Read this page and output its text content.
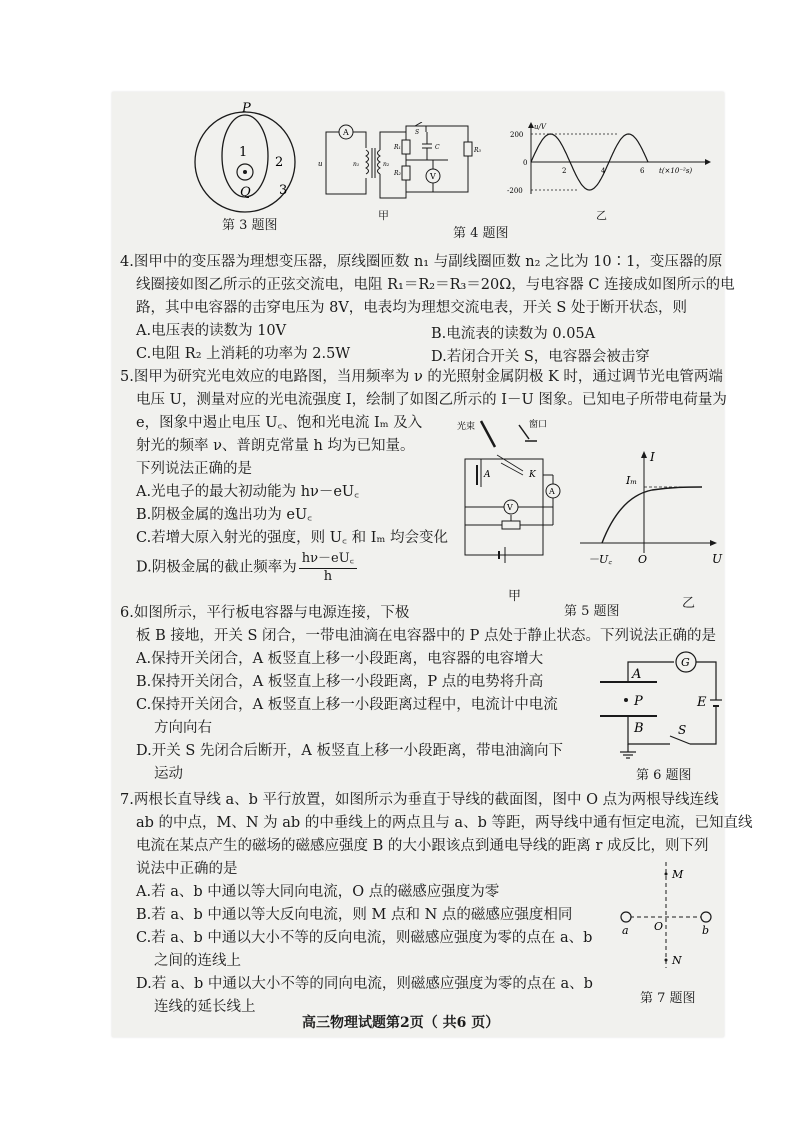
P
1
2
Q 3
第 3 题图
A
V
u	n₁	n₂
R₁
R₂
R₃
C
S
甲
u/V
200
0
-200
2	4	6 t(×10⁻²s)
乙
第 4 题图
4.图甲中的变压器为理想变压器，原线圈匝数 n₁ 与副线圈匝数 n₂ 之比为 10∶1，变压器的原
线圈接如图乙所示的正弦交流电，电阻 R₁＝R₂＝R₃＝20Ω，与电容器 C 连接成如图所示的电
路，其中电容器的击穿电压为 8V，电表均为理想交流电表，开关 S 处于断开状态，则
A.电压表的读数为 10V	B.电流表的读数为 0.05A
C.电阻 R₂ 上消耗的功率为 2.5W	D.若闭合开关 S，电容器会被击穿
5.图甲为研究光电效应的电路图，当用频率为 ν 的光照射金属阴极 K 时，通过调节光电管两端
电压 U，测量对应的光电流强度 I，绘制了如图乙所示的 I－U 图象。已知电子所带电荷量为
e，图象中遏止电压 U꜀、饱和光电流 Iₘ 及入
射光的频率 ν、普朗克常量 h 均为已知量。
下列说法正确的是
A.光电子的最大初动能为 hν－eU꜀
B.阴极金属的逸出功为 eU꜀
C.若增大原入射光的强度，则 U꜀ 和 Iₘ 均会变化
D.阴极金属的截止频率为 $\frac{h\nu-eU꜀}{h}$
光束	窗口
A	K
A
V
甲
I
Iₘ
－U꜀ O	U
乙
第 5 题图
6.如图所示，平行板电容器与电源连接，下极
板 B 接地，开关 S 闭合，一带电油滴在电容器中的 P 点处于静止状态。下列说法正确的是
A.保持开关闭合，A 板竖直上移一小段距离，电容器的电容增大
B.保持开关闭合，A 板竖直上移一小段距离，P 点的电势将升高
C.保持开关闭合，A 板竖直上移一小段距离过程中，电流计中电流
方向向右
D.开关 S 先闭合后断开，A 板竖直上移一小段距离，带电油滴向下
运动
G
A
P
B
E
S
第 6 题图
7.两根长直导线 a、b 平行放置，如图所示为垂直于导线的截面图，图中 O 点为两根导线连线
ab 的中点，M、N 为 ab 的中垂线上的两点且与 a、b 等距，两导线中通有恒定电流，已知直线
电流在某点产生的磁场的磁感应强度 B 的大小跟该点到通电导线的距离 r 成反比，则下列
说法中正确的是
A.若 a、b 中通以等大同向电流，O 点的磁感应强度为零
B.若 a、b 中通以等大反向电流，则 M 点和 N 点的磁感应强度相同
C.若 a、b 中通以大小不等的反向电流，则磁感应强度为零的点在 a、b
之间的连线上
D.若 a、b 中通以大小不等的同向电流，则磁感应强度为零的点在 a、b
连线的延长线上
M
O
a	b
N
第 7 题图
高三物理试题第2页（ 共6 页）
